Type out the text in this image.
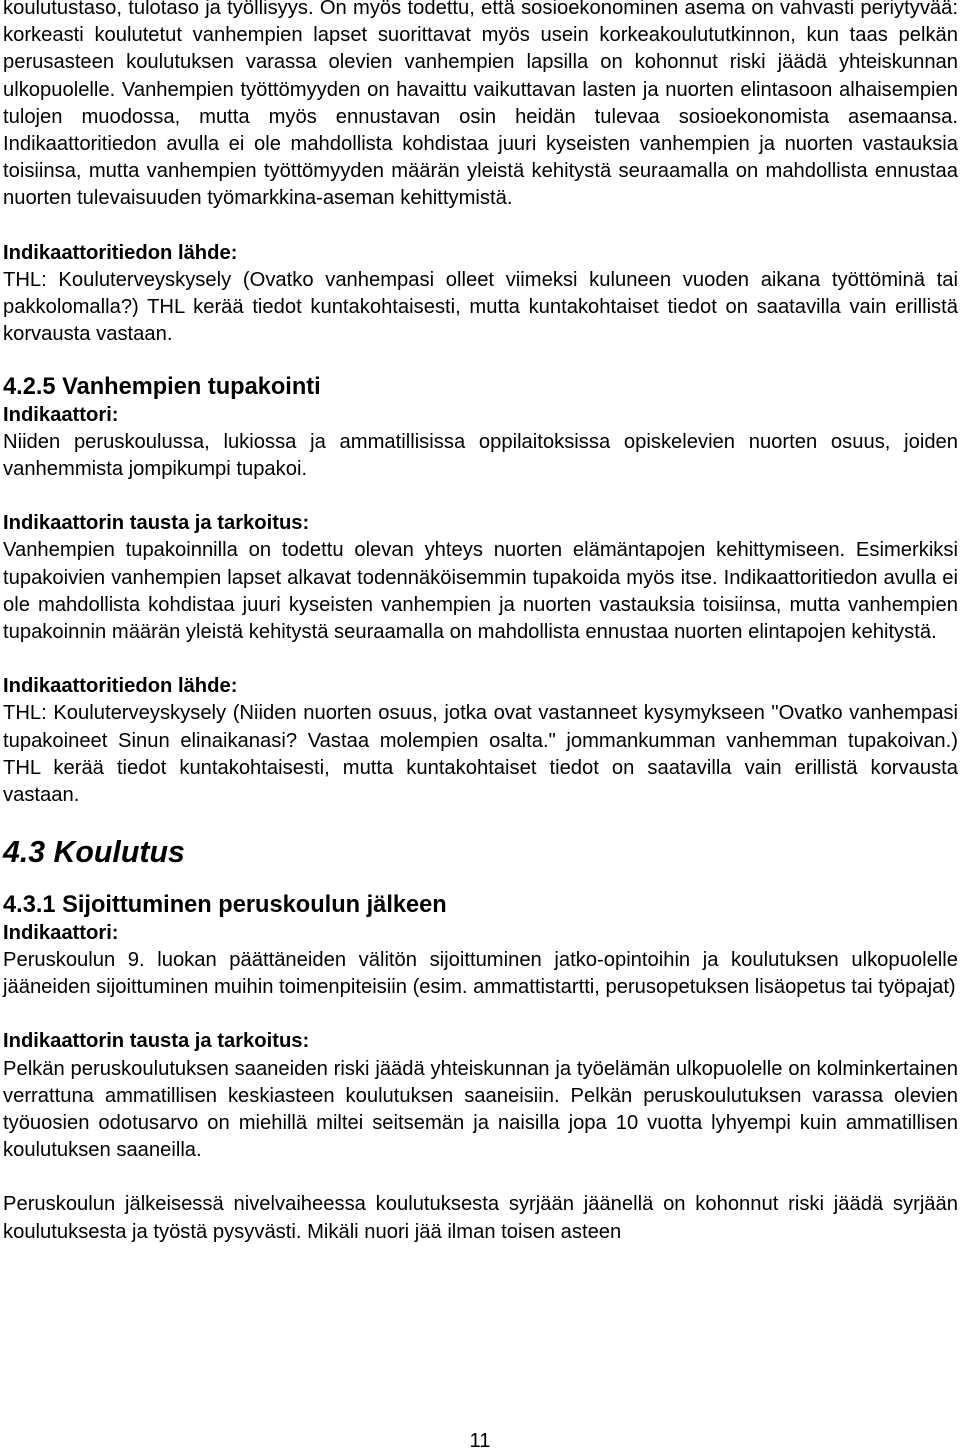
koulutustaso, tulotaso ja työllisyys. On myös todettu, että sosioekonominen asema on vahvasti periytyvää: korkeasti koulutetut vanhempien lapset suorittavat myös usein korkeakoulututkinnon, kun taas pelkän perusasteen koulutuksen varassa olevien vanhempien lapsilla on kohonnut riski jäädä yhteiskunnan ulkopuolelle. Vanhempien työttömyyden on havaittu vaikuttavan lasten ja nuorten elintasoon alhaisempien tulojen muodossa, mutta myös ennustavan osin heidän tulevaa sosioekonomista asemaansa. Indikaattoritiedon avulla ei ole mahdollista kohdistaa juuri kyseisten vanhempien ja nuorten vastauksia toisiinsa, mutta vanhempien työttömyyden määrän yleistä kehitystä seuraamalla on mahdollista ennustaa nuorten tulevaisuuden työmarkkina-aseman kehittymistä.

Indikaattoritiedon lähde:

THL: Kouluterveyskysely (Ovatko vanhempasi olleet viimeksi kuluneen vuoden aikana työttöminä tai pakkolomalla?) THL kerää tiedot kuntakohtaisesti, mutta kuntakohtaiset tiedot on saatavilla vain erillistä korvausta vastaan.

4.2.5 Vanhempien tupakointi
Indikaattori:

Niiden peruskoulussa, lukiossa ja ammatillisissa oppilaitoksissa opiskelevien nuorten osuus, joiden vanhemmista jompikumpi tupakoi.

Indikaattorin tausta ja tarkoitus:

Vanhempien tupakoinnilla on todettu olevan yhteys nuorten elämäntapojen kehittymiseen. Esimerkiksi tupakoivien vanhempien lapset alkavat todennäköisemmin tupakoida myös itse. Indikaattoritiedon avulla ei ole mahdollista kohdistaa juuri kyseisten vanhempien ja nuorten vastauksia toisiinsa, mutta vanhempien tupakoinnin määrän yleistä kehitystä seuraamalla on mahdollista ennustaa nuorten elintapojen kehitystä.

Indikaattoritiedon lähde:

THL: Kouluterveyskysely (Niiden nuorten osuus, jotka ovat vastanneet kysymykseen "Ovatko vanhempasi tupakoineet Sinun elinaikanasi? Vastaa molempien osalta." jommankumman vanhemman tupakoivan.) THL kerää tiedot kuntakohtaisesti, mutta kuntakohtaiset tiedot on saatavilla vain erillistä korvausta vastaan.

4.3 Koulutus
4.3.1 Sijoittuminen peruskoulun jälkeen
Indikaattori:

Peruskoulun 9. luokan päättäneiden välitön sijoittuminen jatko-opintoihin ja koulutuksen ulkopuolelle jääneiden sijoittuminen muihin toimenpiteisiin (esim. ammattistartti, perusopetuksen lisäopetus tai työpajat)

Indikaattorin tausta ja tarkoitus:

Pelkän peruskoulutuksen saaneiden riski jäädä yhteiskunnan ja työelämän ulkopuolelle on kolminkertainen verrattuna ammatillisen keskiasteen koulutuksen saaneisiin. Pelkän peruskoulutuksen varassa olevien työuosien odotusarvo on miehillä miltei seitsemän ja naisilla jopa 10 vuotta lyhyempi kuin ammatillisen koulutuksen saaneilla.

Peruskoulun jälkeisessä nivelvaiheessa koulutuksesta syrjään jäänellä on kohonnut riski jäädä syrjään koulutuksesta ja työstä pysyvästi. Mikäli nuori jää ilman toisen asteen

11
